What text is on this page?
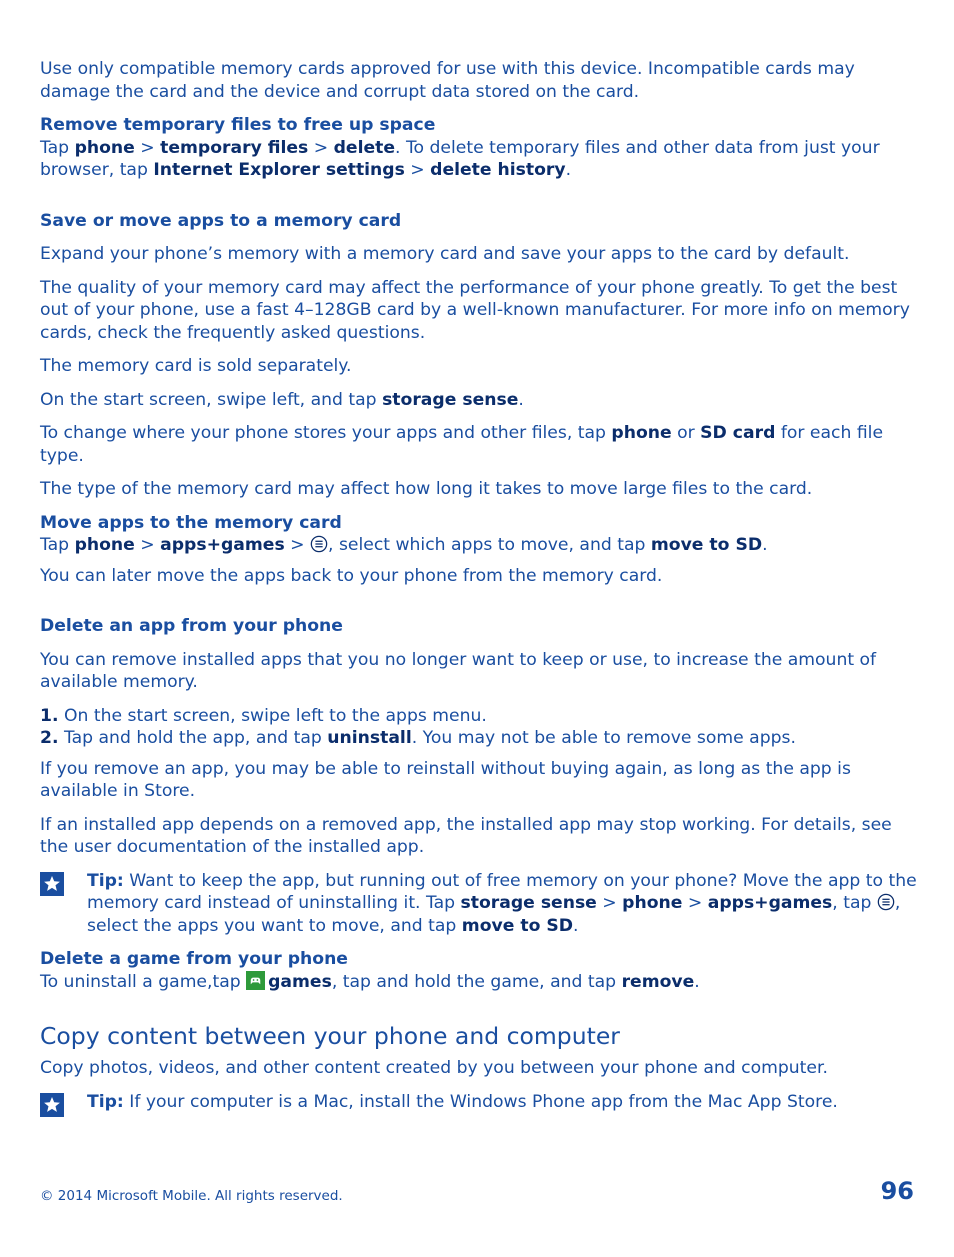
Use only compatible memory cards approved for use with this device. Incompatible cards may damage the card and the device and corrupt data stored on the card.

Remove temporary files to free up space

Tap phone > temporary files > delete. To delete temporary files and other data from just your browser, tap Internet Explorer settings > delete history.

Save or move apps to a memory card

Expand your phone’s memory with a memory card and save your apps to the card by default.

The quality of your memory card may affect the performance of your phone greatly. To get the best out of your phone, use a fast 4–128GB card by a well-known manufacturer. For more info on memory cards, check the frequently asked questions.

The memory card is sold separately.

On the start screen, swipe left, and tap storage sense.

To change where your phone stores your apps and other files, tap phone or SD card for each file type.

The type of the memory card may affect how long it takes to move large files to the card.

Move apps to the memory card

Tap phone > apps+games > , select which apps to move, and tap move to SD.

You can later move the apps back to your phone from the memory card.

Delete an app from your phone

You can remove installed apps that you no longer want to keep or use, to increase the amount of available memory.

1. On the start screen, swipe left to the apps menu.

2. Tap and hold the app, and tap uninstall. You may not be able to remove some apps.

If you remove an app, you may be able to reinstall without buying again, as long as the app is available in Store.

If an installed app depends on a removed app, the installed app may stop working. For details, see the user documentation of the installed app.

Tip: Want to keep the app, but running out of free memory on your phone? Move the app to the memory card instead of uninstalling it. Tap storage sense > phone > apps+games, tap , select the apps you want to move, and tap move to SD.

Delete a game from your phone

To uninstall a game,tap games, tap and hold the game, and tap remove.

Copy content between your phone and computer

Copy photos, videos, and other content created by you between your phone and computer.

Tip: If your computer is a Mac, install the Windows Phone app from the Mac App Store.

© 2014 Microsoft Mobile. All rights reserved.	96
